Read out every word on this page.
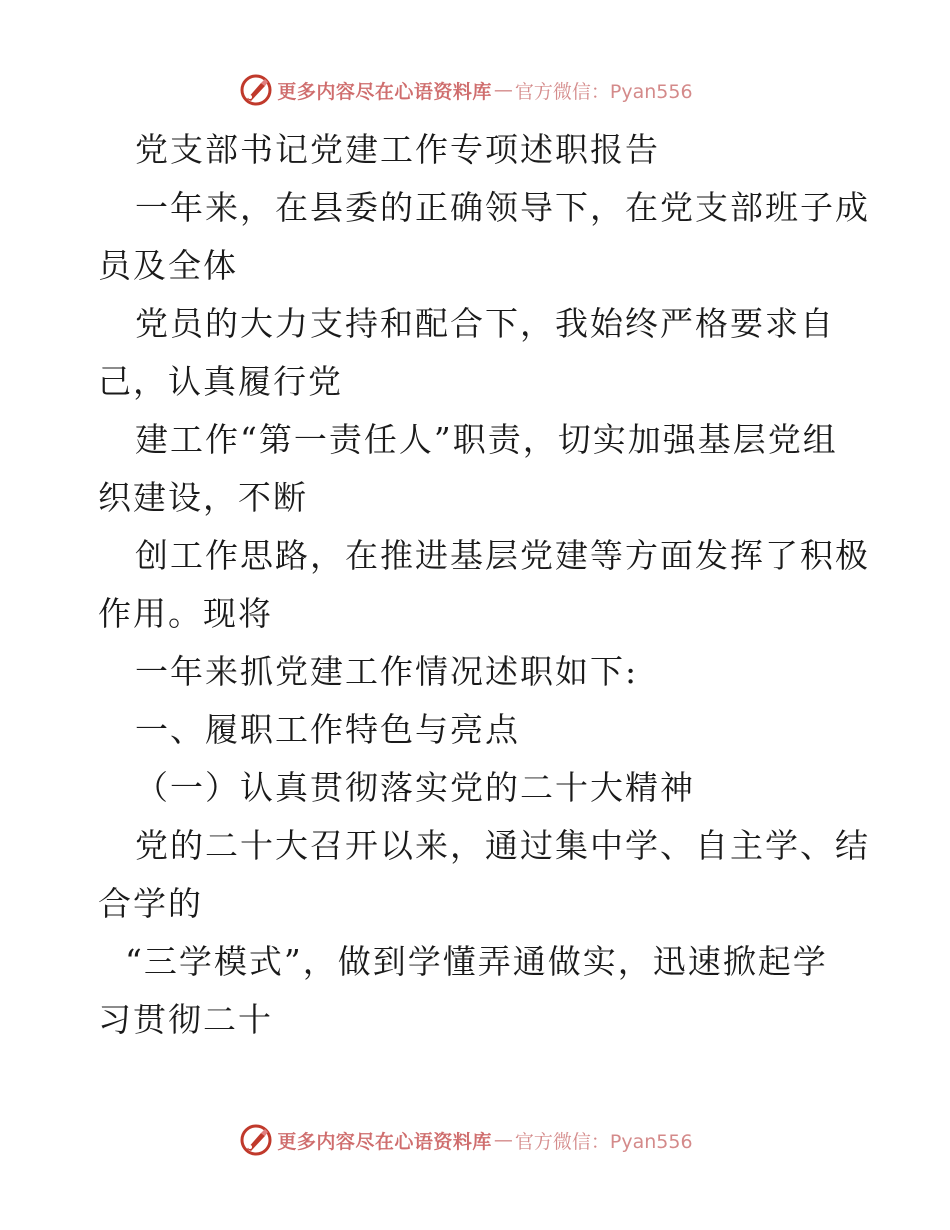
更多内容尽在心语资料库 — 官方微信：Pyan556
党支部书记党建工作专项述职报告
一年来，在县委的正确领导下，在党支部班子成
员及全体
党员的大力支持和配合下，我始终严格要求自
己，认真履行党
建工作“第一责任人”职责，切实加强基层党组
织建设，不断
创工作思路，在推进基层党建等方面发挥了积极
作用。现将
一年来抓党建工作情况述职如下:
一、履职工作特色与亮点
（一）认真贯彻落实党的二十大精神
党的二十大召开以来，通过集中学、自主学、结
合学的
“三学模式”，做到学懂弄通做实，迅速掀起学
习贯彻二十
更多内容尽在心语资料库 — 官方微信：Pyan556
